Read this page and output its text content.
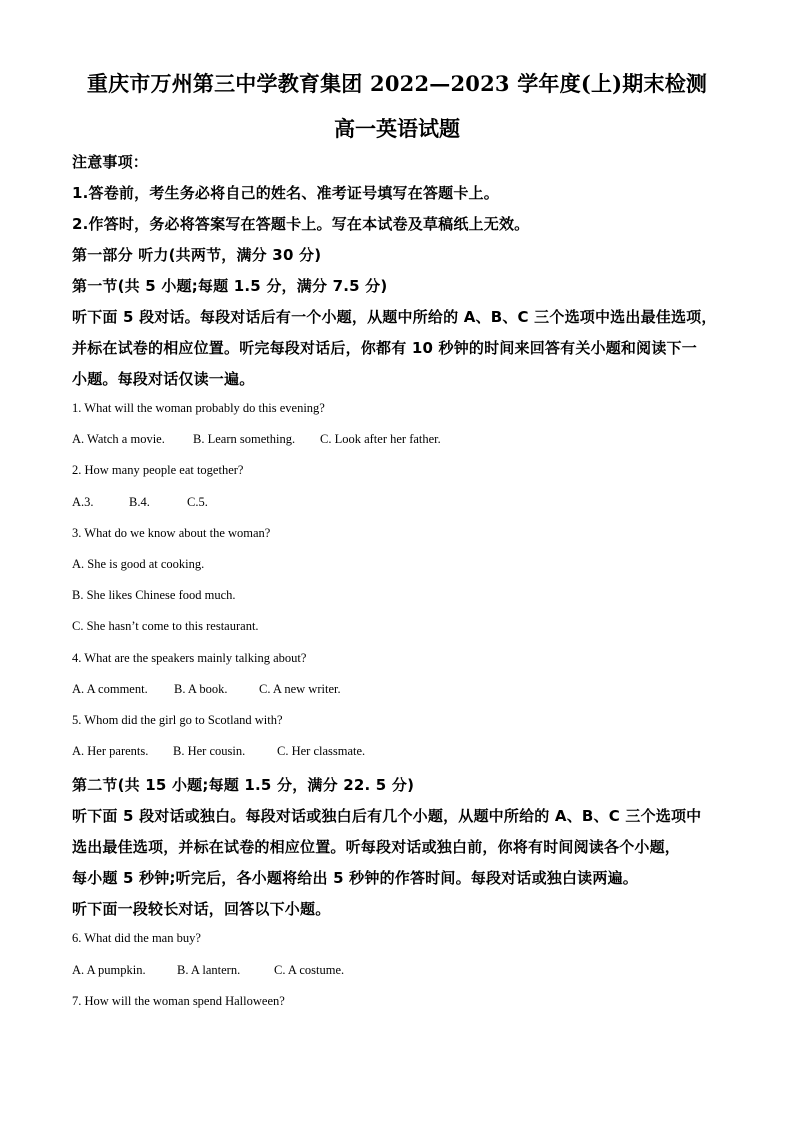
重庆市万州第三中学教育集团 2022—2023 学年度(上)期末检测
高一英语试题
注意事项：
1.答卷前，考生务必将自己的姓名、准考证号填写在答题卡上。
2.作答时，务必将答案写在答题卡上。写在本试卷及草稿纸上无效。
第一部分 听力(共两节，满分 30 分)
第一节(共 5 小题;每题 1.5 分，满分 7.5 分)
听下面 5 段对话。每段对话后有一个小题，从题中所给的 A、B、C 三个选项中选出最佳选项，
并标在试卷的相应位置。听完每段对话后，你都有 10 秒钟的时间来回答有关小题和阅读下一
小题。每段对话仅读一遍。
1. What will the woman probably do this evening?
A. Watch a movie. B. Learn something. C. Look after her father.
2. How many people eat together?
A.3.	B.4.	C.5.
3. What do we know about the woman?
A. She is good at cooking.
B. She likes Chinese food much.
C. She hasn’t come to this restaurant.
4. What are the speakers mainly talking about?
A. A comment. B. A book.	C. A new writer.
5. Whom did the girl go to Scotland with?
A. Her parents. B. Her cousin.	C. Her classmate.
第二节(共 15 小题;每题 1.5 分，满分 22. 5 分)
听下面 5 段对话或独白。每段对话或独白后有几个小题，从题中所给的 A、B、C 三个选项中
选出最佳选项，并标在试卷的相应位置。听每段对话或独白前，你将有时间阅读各个小题，
每小题 5 秒钟;听完后，各小题将给出 5 秒钟的作答时间。每段对话或独白读两遍。
听下面一段较长对话，回答以下小题。
6. What did the man buy?
A. A pumpkin.	B. A lantern.	C. A costume.
7. How will the woman spend Halloween?
